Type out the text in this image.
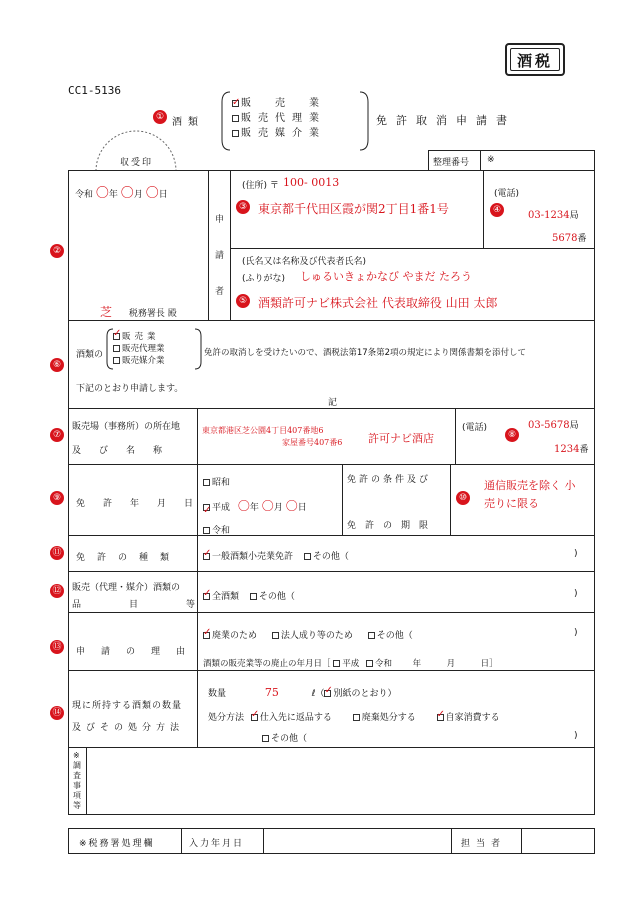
酒税
CC1-5136
収受印
① 酒類
✓販売業
販売代理業
販売媒介業
免許取消申請書
整理番号 ※
②
令和 〇年 〇月 〇日
芝 税務署長 殿
申
請
者
(住所) 〒 100- 0013
③ 東京都千代田区霞が関2丁目1番1号
(電話)
④	03-1234局
5678番
(氏名又は名称及び代表者氏名)
(ふりがな) しゅるいきょかなび やまだ たろう
⑤ 酒類許可ナビ株式会社 代表取締役 山田 太郎
⑥
酒類の
✓販売業
販売代理業
販売媒介業
免許の取消しを受けたいので、酒税法第17条第2項の規定により関係書類を添付して
下記のとおり申請します。
記
⑦
販売場（事務所）の所在地
及び名称
東京都港区芝公園4丁目407番地6
家屋番号407番6 許可ナビ酒店
(電話)
⑧
03-5678局
1234番
⑨
免許年月日
昭和
✓平成 〇年 〇月 〇日
令和
免許の条件及び
免許の期限
⑩
通信販売を除く 小売りに限る
⑪ 免許の種類 ✓	一般酒類小売業免許 その他（	)
⑫ 販売（代理・媒介）酒類の
品目等
✓全酒類 その他（	)
⑬ 申請の理由
✓廃業のため	法人成り等のため	その他（	)
酒類の販売業等の廃止の年月日［ 平成 令和 年　　　月　　　日］
⑭
現に所持する酒類の数量
及びその処分方法
数量	75	ℓ（ ✓ 別紙のとおり）
処分方法 ✓ 仕入先に返品する	廃棄処分する ✓	自家消費する
その他（	)
※調査事項等
※税務署処理欄	入力年月日	担当者
